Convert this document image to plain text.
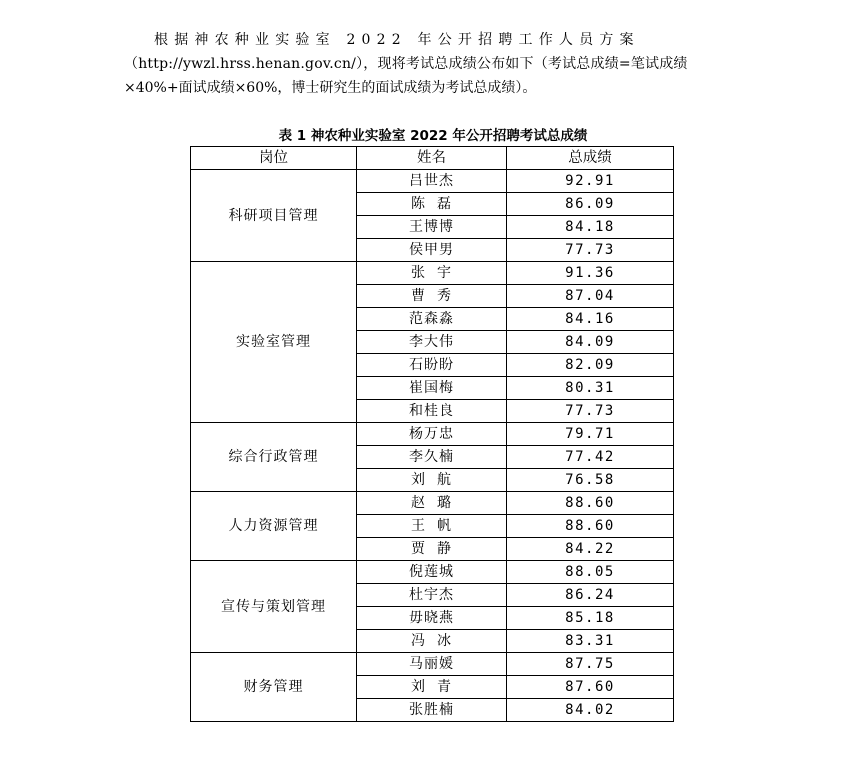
根据神农种业实验室 2022 年公开招聘工作人员方案
（http://ywzl.hrss.henan.gov.cn/），现将考试总成绩公布如下（考试总成绩=笔试成绩
×40%+面试成绩×60%，博士研究生的面试成绩为考试总成绩）。
表 1 神农种业实验室 2022 年公开招聘考试总成绩
岗位	姓名	总成绩
科研项目管理	吕世杰	92.91
	陈  磊	86.09
	王博博	84.18
	侯甲男	77.73
实验室管理	张  宇	91.36
	曹  秀	87.04
	范森淼	84.16
	李大伟	84.09
	石盼盼	82.09
	崔国梅	80.31
	和桂良	77.73
综合行政管理	杨万忠	79.71
	李久楠	77.42
	刘  航	76.58
人力资源管理	赵  璐	88.60
	王  帆	88.60
	贾  静	84.22
宣传与策划管理	倪莲城	88.05
	杜宇杰	86.24
	毋晓燕	85.18
	冯  冰	83.31
财务管理	马丽媛	87.75
	刘  青	87.60
	张胜楠	84.02
